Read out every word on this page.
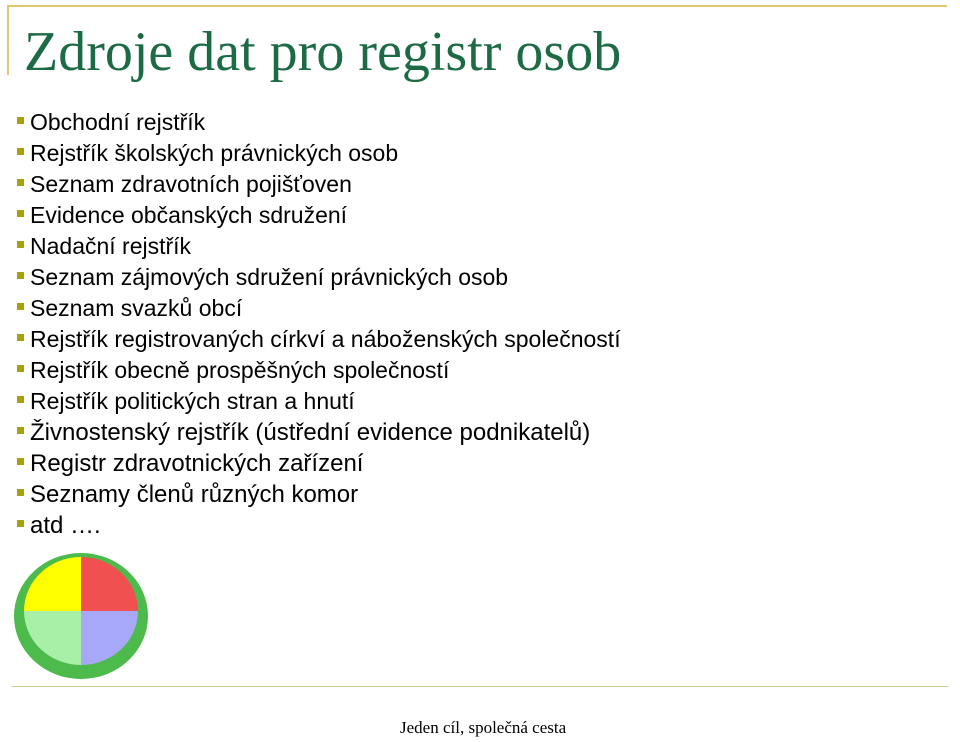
Zdroje dat pro registr osob
Obchodní rejstřík
Rejstřík školských právnických osob
Seznam zdravotních pojišťoven
Evidence občanských sdružení
Nadační rejstřík
Seznam zájmových sdružení právnických osob
Seznam svazků obcí
Rejstřík registrovaných církví a náboženských společností
Rejstřík obecně prospěšných společností
Rejstřík politických stran a hnutí
Živnostenský rejstřík (ústřední evidence podnikatelů)
Registr zdravotnických zařízení
Seznamy členů různých komor
atd ….

Jeden cíl, společná cesta
